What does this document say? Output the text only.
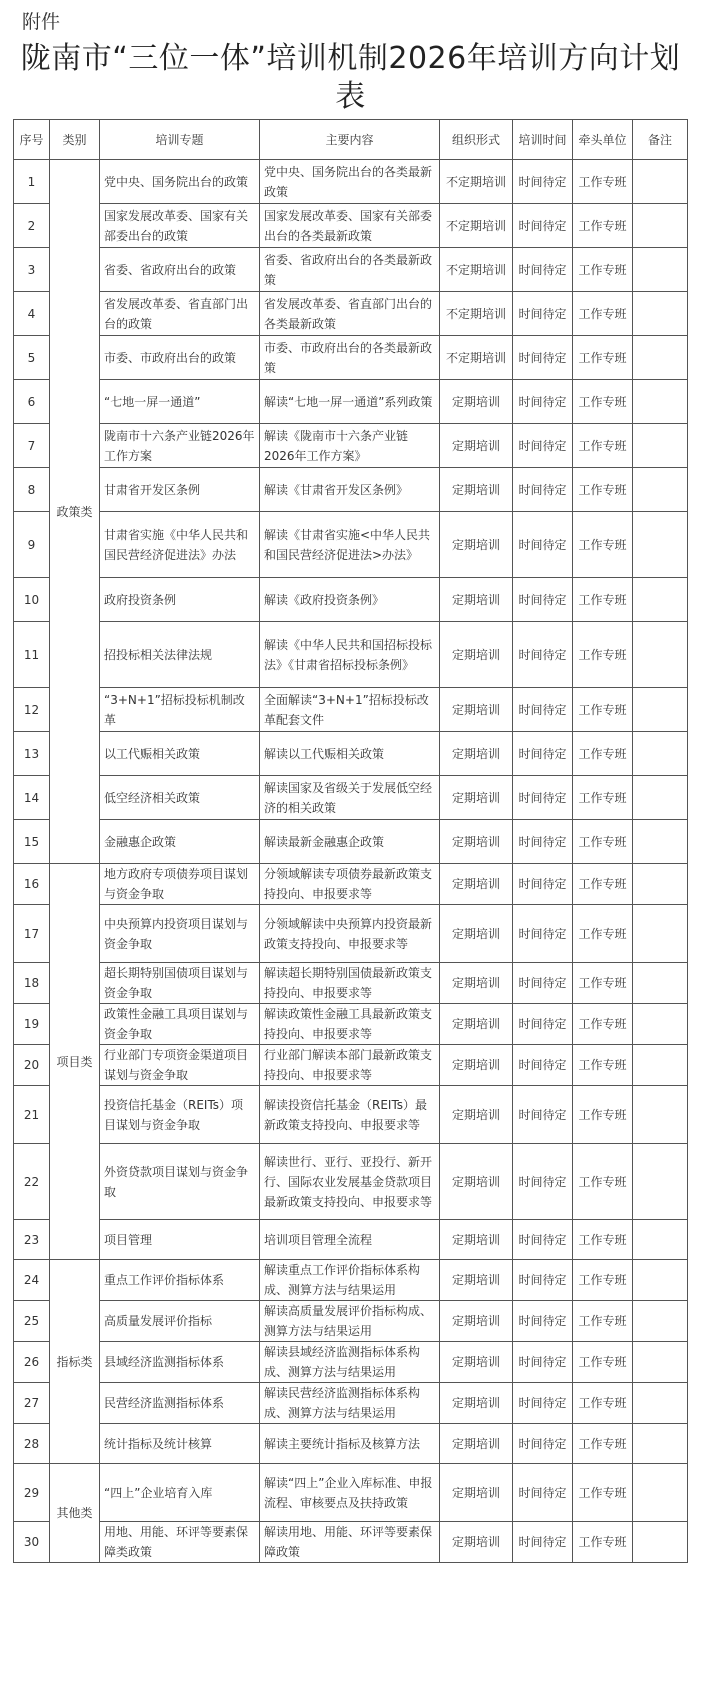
附件
陇南市“三位一体”培训机制2026年培训方向计划表
序号	类别	培训专题	主要内容	组织形式	培训时间	牵头单位	备注
1	政策类	党中央、国务院出台的政策	党中央、国务院出台的各类最新政策	不定期培训	时间待定	工作专班	
2		国家发展改革委、国家有关部委出台的政策	国家发展改革委、国家有关部委出台的各类最新政策	不定期培训	时间待定	工作专班	
3		省委、省政府出台的政策	省委、省政府出台的各类最新政策	不定期培训	时间待定	工作专班	
4		省发展改革委、省直部门出台的政策	省发展改革委、省直部门出台的各类最新政策	不定期培训	时间待定	工作专班	
5		市委、市政府出台的政策	市委、市政府出台的各类最新政策	不定期培训	时间待定	工作专班	
6		“七地一屏一通道”	解读“七地一屏一通道”系列政策	定期培训	时间待定	工作专班	
7		陇南市十六条产业链2026年工作方案	解读《陇南市十六条产业链2026年工作方案》	定期培训	时间待定	工作专班	
8		甘肃省开发区条例	解读《甘肃省开发区条例》	定期培训	时间待定	工作专班	
9		甘肃省实施《中华人民共和国民营经济促进法》办法	解读《甘肃省实施<中华人民共和国民营经济促进法>办法》	定期培训	时间待定	工作专班	
10		政府投资条例	解读《政府投资条例》	定期培训	时间待定	工作专班	
11		招投标相关法律法规	解读《中华人民共和国招标投标法》《甘肃省招标投标条例》	定期培训	时间待定	工作专班	
12		“3+N+1”招标投标机制改革	全面解读“3+N+1”招标投标改革配套文件	定期培训	时间待定	工作专班	
13		以工代赈相关政策	解读以工代赈相关政策	定期培训	时间待定	工作专班	
14		低空经济相关政策	解读国家及省级关于发展低空经济的相关政策	定期培训	时间待定	工作专班	
15		金融惠企政策	解读最新金融惠企政策	定期培训	时间待定	工作专班	
16	项目类	地方政府专项债券项目谋划与资金争取	分领域解读专项债券最新政策支持投向、申报要求等	定期培训	时间待定	工作专班	
17		中央预算内投资项目谋划与资金争取	分领域解读中央预算内投资最新政策支持投向、申报要求等	定期培训	时间待定	工作专班	
18		超长期特别国债项目谋划与资金争取	解读超长期特别国债最新政策支持投向、申报要求等	定期培训	时间待定	工作专班	
19		政策性金融工具项目谋划与资金争取	解读政策性金融工具最新政策支持投向、申报要求等	定期培训	时间待定	工作专班	
20		行业部门专项资金渠道项目谋划与资金争取	行业部门解读本部门最新政策支持投向、申报要求等	定期培训	时间待定	工作专班	
21		投资信托基金（REITs）项目谋划与资金争取	解读投资信托基金（REITs）最新政策支持投向、申报要求等	定期培训	时间待定	工作专班	
22		外资贷款项目谋划与资金争取	解读世行、亚行、亚投行、新开行、国际农业发展基金贷款项目最新政策支持投向、申报要求等	定期培训	时间待定	工作专班	
23		项目管理	培训项目管理全流程	定期培训	时间待定	工作专班	
24	指标类	重点工作评价指标体系	解读重点工作评价指标体系构成、测算方法与结果运用	定期培训	时间待定	工作专班	
25		高质量发展评价指标	解读高质量发展评价指标构成、测算方法与结果运用	定期培训	时间待定	工作专班	
26		县域经济监测指标体系	解读县域经济监测指标体系构成、测算方法与结果运用	定期培训	时间待定	工作专班	
27		民营经济监测指标体系	解读民营经济监测指标体系构成、测算方法与结果运用	定期培训	时间待定	工作专班	
28		统计指标及统计核算	解读主要统计指标及核算方法	定期培训	时间待定	工作专班	
29	其他类	“四上”企业培育入库	解读“四上”企业入库标准、申报流程、审核要点及扶持政策	定期培训	时间待定	工作专班	
30		用地、用能、环评等要素保障类政策	解读用地、用能、环评等要素保障政策	定期培训	时间待定	工作专班	
